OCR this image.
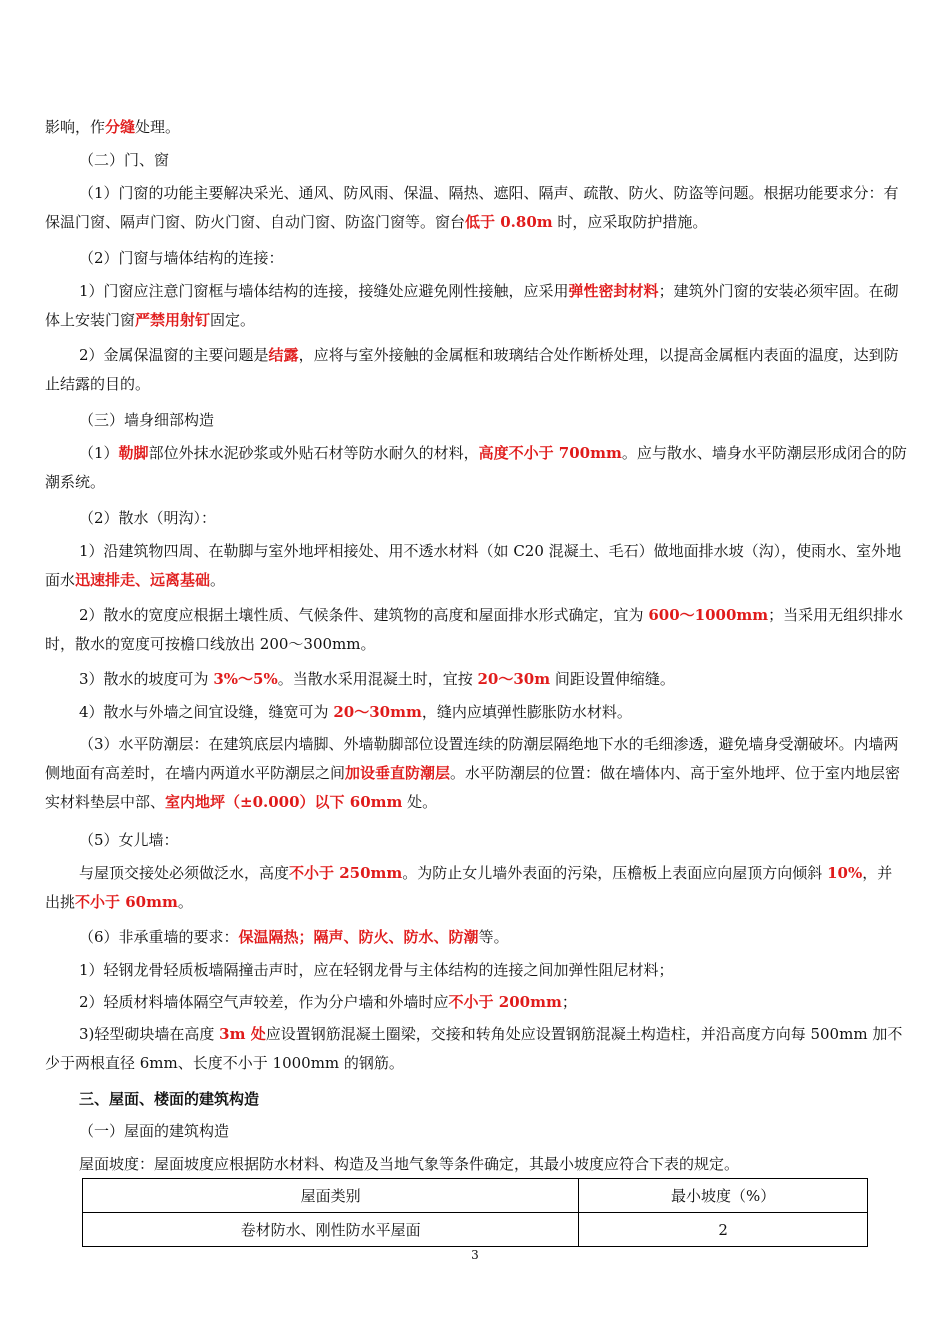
影响，作分缝处理。

（二）门、窗

（1）门窗的功能主要解决采光、通风、防风雨、保温、隔热、遮阳、隔声、疏散、防火、防盗等问题。根据功能要求分：有保温门窗、隔声门窗、防火门窗、自动门窗、防盗门窗等。窗台低于 0.80m 时，应采取防护措施。

（2）门窗与墙体结构的连接：

1）门窗应注意门窗框与墙体结构的连接，接缝处应避免刚性接触，应采用弹性密封材料；建筑外门窗的安装必须牢固。在砌体上安装门窗严禁用射钉固定。

2）金属保温窗的主要问题是结露，应将与室外接触的金属框和玻璃结合处作断桥处理，以提高金属框内表面的温度，达到防止结露的目的。

（三）墙身细部构造

（1）勒脚部位外抹水泥砂浆或外贴石材等防水耐久的材料，高度不小于 700mm。应与散水、墙身水平防潮层形成闭合的防潮系统。

（2）散水（明沟）：

1）沿建筑物四周、在勒脚与室外地坪相接处、用不透水材料（如 C20 混凝土、毛石）做地面排水坡（沟），使雨水、室外地面水迅速排走、远离基础。

2）散水的宽度应根据土壤性质、气候条件、建筑物的高度和屋面排水形式确定，宜为 600～1000mm；当采用无组织排水时，散水的宽度可按檐口线放出 200～300mm。

3）散水的坡度可为 3%～5%。当散水采用混凝土时，宜按 20～30m 间距设置伸缩缝。

4）散水与外墙之间宜设缝，缝宽可为 20～30mm，缝内应填弹性膨胀防水材料。

（3）水平防潮层：在建筑底层内墙脚、外墙勒脚部位设置连续的防潮层隔绝地下水的毛细渗透，避免墙身受潮破坏。内墙两侧地面有高差时，在墙内两道水平防潮层之间加设垂直防潮层。水平防潮层的位置：做在墙体内、高于室外地坪、位于室内地层密实材料垫层中部、室内地坪（±0.000）以下 60mm 处。

（5）女儿墙：

与屋顶交接处必须做泛水，高度不小于 250mm。为防止女儿墙外表面的污染，压檐板上表面应向屋顶方向倾斜 10%，并出挑不小于 60mm。

（6）非承重墙的要求：保温隔热；隔声、防火、防水、防潮等。

1）轻钢龙骨轻质板墙隔撞击声时，应在轻钢龙骨与主体结构的连接之间加弹性阻尼材料；

2）轻质材料墙体隔空气声较差，作为分户墙和外墙时应不小于 200mm；

3)轻型砌块墙在高度 3m 处应设置钢筋混凝土圈梁，交接和转角处应设置钢筋混凝土构造柱，并沿高度方向每 500mm 加不少于两根直径 6mm、长度不小于 1000mm 的钢筋。

三、屋面、楼面的建筑构造

（一）屋面的建筑构造

屋面坡度：屋面坡度应根据防水材料、构造及当地气象等条件确定，其最小坡度应符合下表的规定。

屋面类别	最小坡度（%）
卷材防水、刚性防水平屋面	2
3
